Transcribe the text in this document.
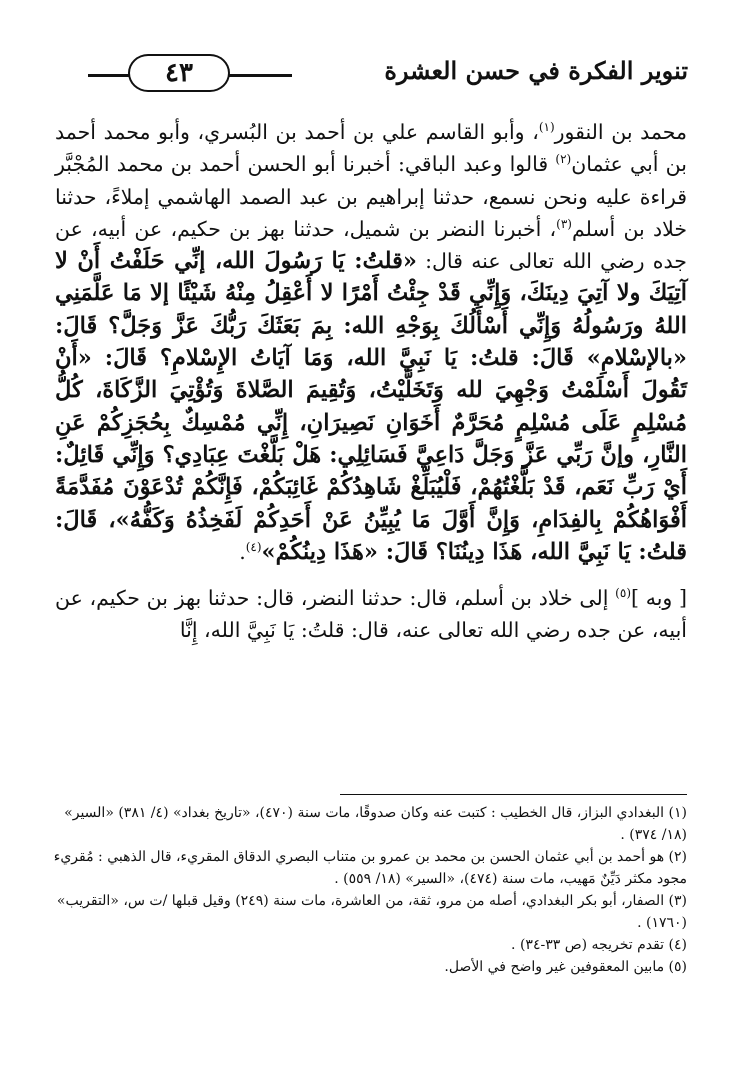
٤٣	تنوير الفكرة في حسن العشرة

محمد بن النقور$^{(١)}$، وأبو القاسم علي بن أحمد بن البُسري، وأبو محمد أحمد بن أبي عثمان$^{(٢)}$ قالوا وعبد الباقي: أخبرنا أبو الحسن أحمد بن محمد المُجْبَّر قراءة عليه ونحن نسمع، حدثنا إبراهيم بن عبد الصمد الهاشمي إملاءً، حدثنا خلاد بن أسلم$^{(٣)}$، أخبرنا النضر بن شميل، حدثنا بهز بن حكيم، عن أبيه، عن جده رضي الله تعالى عنه قال: «قلتُ: يَا رَسُولَ الله، إنِّي حَلَفْتُ أَنْ لا آتِيَكَ ولا آتِيَ دِينَكَ، وَإِنِّي قَدْ جِئْتُ أَمْرًا لا أَعْقِلُ مِنْهُ شَيْئًا إلا مَا عَلَّمَنِي اللهُ ورَسُولُهُ وَإِنِّي أَسْأَلُكَ بِوَجْهِ الله: بِمَ بَعَثَكَ رَبُّكَ عَزَّ وَجَلَّ؟ قَالَ: «بالإسْلامِ» قَالَ: قلتُ: يَا نَبِيَّ الله، وَمَا آيَاتُ الإِسْلامِ؟ قَالَ: «أَنْ تَقُولَ أَسْلَمْتُ وَجْهِيَ لله وَتَخَلَّيْتُ، وَتُقِيمَ الصَّلاةَ وَتُؤْتِيَ الزَّكَاةَ، كُلُّ مُسْلِمٍ عَلَى مُسْلِمٍ مُحَرَّمٌ أَخَوَانِ نَصِيرَانِ، إِنِّي مُمْسِكٌ بِحُجَزِكُمْ عَنِ النَّارِ، وإنَّ رَبِّي عَزَّ وَجَلَّ دَاعِيَّ فَسَائِلِي: هَلْ بَلَّغْتَ عِبَادِي؟ وَإِنِّي قَائِلٌ: أَيْ رَبِّ نَعَم، قَدْ بَلَّغْتُهُمْ، فَلْيُبَلِّغْ شَاهِدُكُمْ غَائِبَكُمْ، فَإِنَّكُمْ تُدْعَوْنَ مُفَدَّمَةً أَفْوَاهُكُمْ بِالفِدَامِ، وَإِنَّ أَوَّلَ مَا يُبِيِّنُ عَنْ أَحَدِكُمْ لَفَخِذُهُ وَكَفُّهُ»، قَالَ: قلتُ: يَا نَبِيَّ الله، هَذَا دِينُنَا؟ قَالَ: «هَذَا دِينُكُمْ»$^{(٤)}$.

[ وبه ]$^{(٥)}$ إلى خلاد بن أسلم، قال: حدثنا النضر، قال: حدثنا بهز بن حكيم، عن أبيه، عن جده رضي الله تعالى عنه، قال: قلتُ: يَا نَبِيَّ الله، إِنَّا

(١) البغدادي البزاز، قال الخطيب : كتبت عنه وكان صدوقًا، مات سنة (٤٧٠)، «تاريخ بغداد» (٤/ ٣٨١) «السير» (١٨/ ٣٧٤) .
(٢) هو أحمد بن أبي عثمان الحسن بن محمد بن عمرو بن متناب البصري الدقاق المقريء، قال الذهبي : مُقريء مجود مكثر دَيِّنٌ مَهيب، مات سنة (٤٧٤)، «السير» (١٨/ ٥٥٩) .
(٣) الصفار، أبو بكر البغدادي، أصله من مرو، ثقة، من العاشرة، مات سنة (٢٤٩) وقيل قبلها /ت س، «التقريب» (١٧٦٠) .
(٤) تقدم تخريجه (ص ٣٣-٣٤) .
(٥) مابين المعقوفين غير واضح في الأصل.
